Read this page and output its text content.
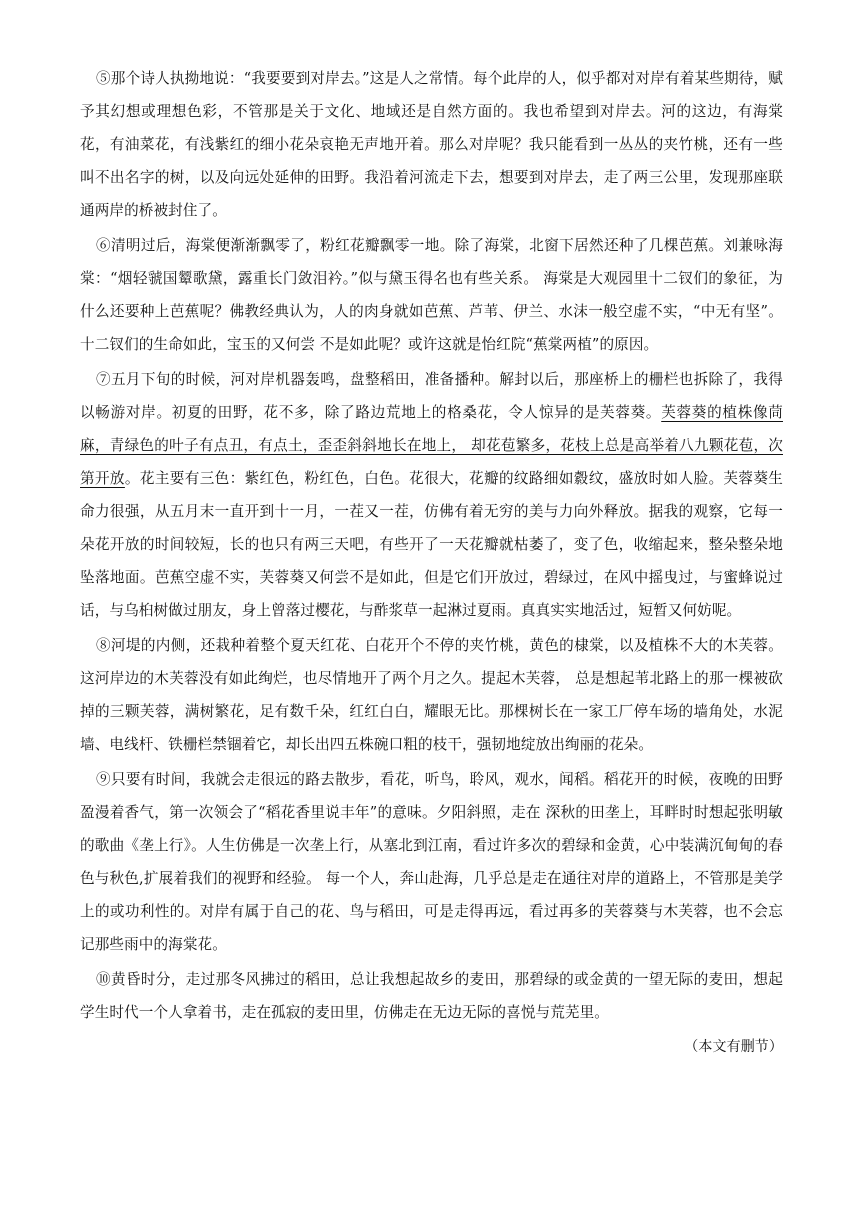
⑤那个诗人执拗地说：“我要要到对岸去。”这是人之常情。每个此岸的人，似乎都对对岸有着某些期待，赋予其幻想或理想色彩，不管那是关于文化、地域还是自然方面的。我也希望到对岸去。河的这边，有海棠花，有油菜花，有浅紫红的细小花朵哀艳无声地开着。那么对岸呢？我只能看到一丛丛的夹竹桃，还有一些叫不出名字的树，以及向远处延伸的田野。我沿着河流走下去，想要到对岸去，走了两三公里，发现那座联通两岸的桥被封住了。

⑥清明过后，海棠便渐渐飘零了，粉红花瓣飘零一地。除了海棠，北窗下居然还种了几棵芭蕉。刘兼咏海棠：“烟轻虢国颦歌黛，露重长门敛泪衿。”似与黛玉得名也有些关系。 海棠是大观园里十二钗们的象征，为什么还要种上芭蕉呢？佛教经典认为，人的肉身就如芭蕉、芦苇、伊兰、水沫一般空虚不实，“中无有坚”。十二钗们的生命如此，宝玉的又何尝 不是如此呢？或许这就是怡红院“蕉棠两植”的原因。

⑦五月下旬的时候，河对岸机器轰鸣，盘整稻田，准备播种。解封以后，那座桥上的栅栏也拆除了，我得以畅游对岸。初夏的田野，花不多，除了路边荒地上的格桑花，令人惊异的是芙蓉葵。芙蓉葵的植株像茼麻，青绿色的叶子有点丑，有点土，歪歪斜斜地长在地上， 却花苞繁多，花枝上总是高举着八九颗花苞，次第开放。花主要有三色：紫红色，粉红色，白色。花很大，花瓣的纹路细如縠纹，盛放时如人脸。芙蓉葵生命力很强，从五月末一直开到十一月，一茬又一茬，仿佛有着无穷的美与力向外释放。据我的观察，它每一朵花开放的时间较短，长的也只有两三天吧，有些开了一天花瓣就枯萎了，变了色，收缩起来，整朵整朵地坠落地面。芭蕉空虚不实，芙蓉葵又何尝不是如此，但是它们开放过，碧绿过，在风中摇曳过，与蜜蜂说过话，与乌桕树做过朋友，身上曾落过樱花，与酢浆草一起淋过夏雨。真真实实地活过，短暂又何妨呢。

⑧河堤的内侧，还栽种着整个夏天红花、白花开个不停的夹竹桃，黄色的棣棠，以及植株不大的木芙蓉。这河岸边的木芙蓉没有如此绚烂，也尽情地开了两个月之久。提起木芙蓉， 总是想起苇北路上的那一棵被砍掉的三颗芙蓉，满树繁花，足有数千朵，红红白白，耀眼无比。那棵树长在一家工厂停车场的墙角处，水泥墙、电线杆、铁栅栏禁锢着它，却长出四五株碗口粗的枝干，强韧地绽放出绚丽的花朵。

⑨只要有时间，我就会走很远的路去散步，看花，听鸟，聆风，观水，闻稻。稻花开的时候，夜晚的田野盈漫着香气，第一次领会了“稻花香里说丰年”的意味。夕阳斜照，走在 深秋的田垄上，耳畔时时想起张明敏的歌曲《垄上行》。人生仿佛是一次垄上行，从塞北到江南，看过许多次的碧绿和金黄，心中装满沉甸甸的春色与秋色,扩展着我们的视野和经验。 每一个人，奔山赴海，几乎总是走在通往对岸的道路上，不管那是美学上的或功利性的。对岸有属于自己的花、鸟与稻田，可是走得再远，看过再多的芙蓉葵与木芙蓉，也不会忘记那些雨中的海棠花。

⑩黄昏时分，走过那冬风拂过的稻田，总让我想起故乡的麦田，那碧绿的或金黄的一望无际的麦田，想起学生时代一个人拿着书，走在孤寂的麦田里，仿佛走在无边无际的喜悦与荒芜里。

（本文有删节）
